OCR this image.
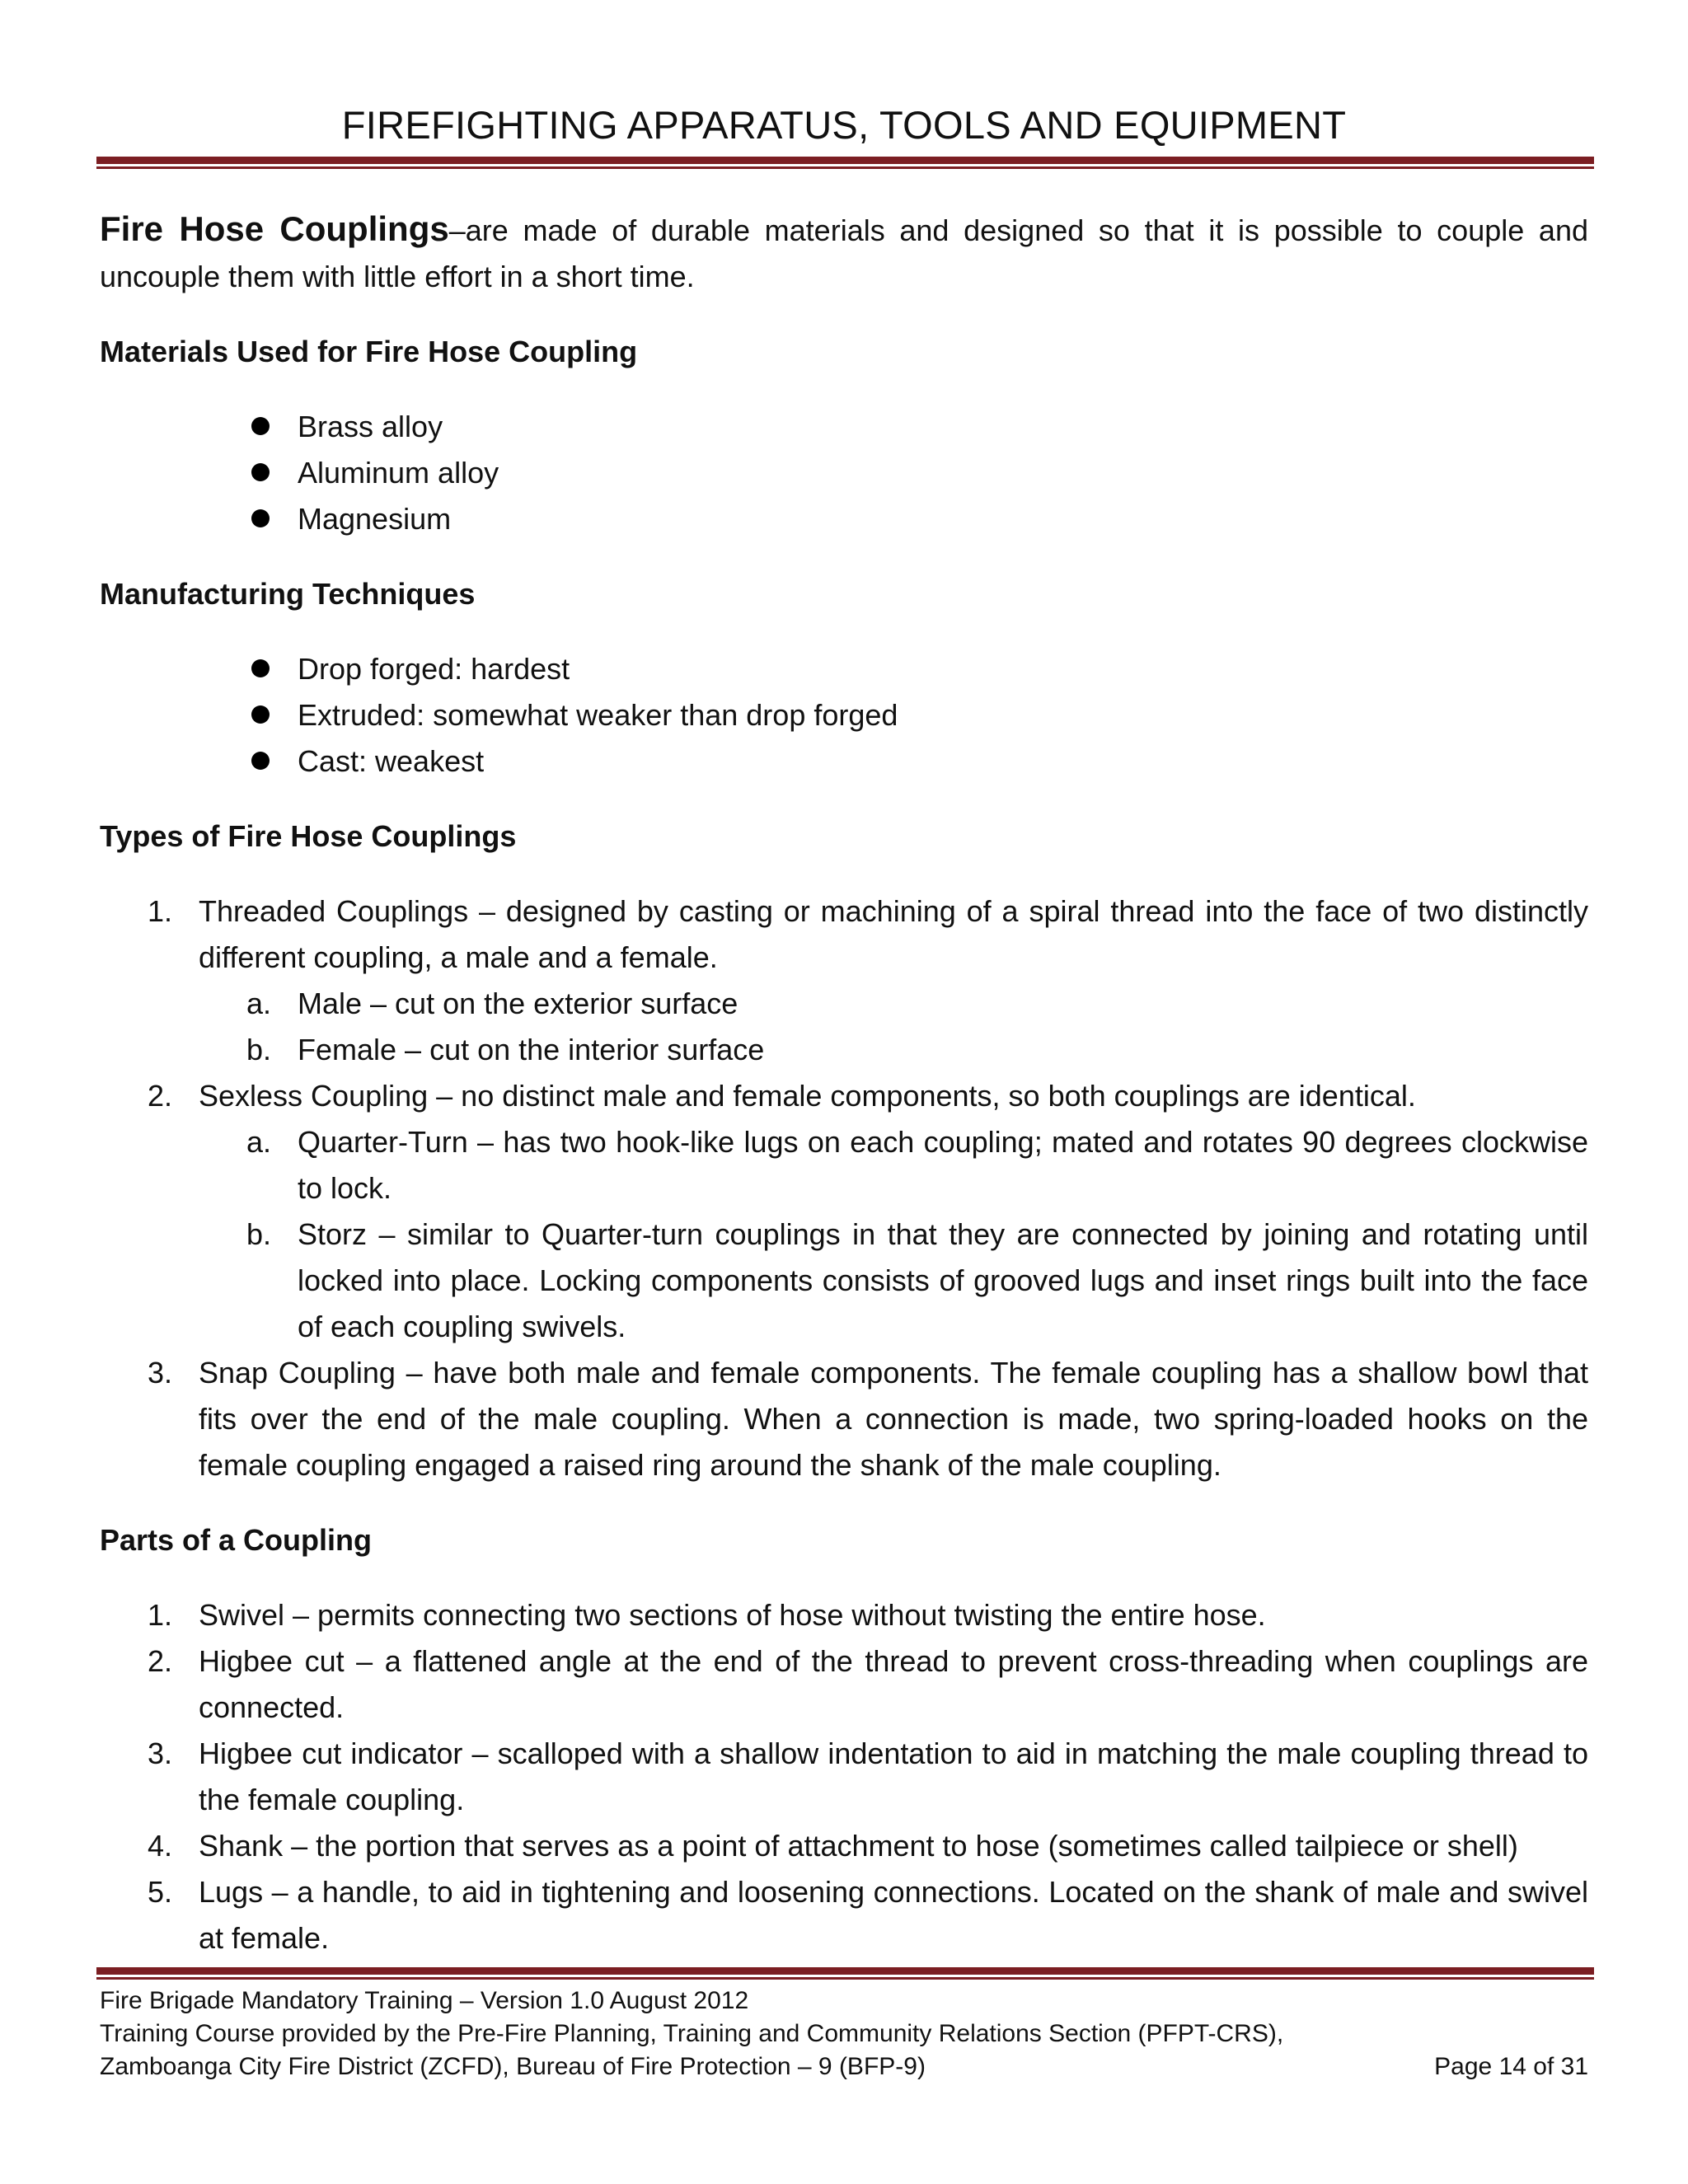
FIREFIGHTING APPARATUS, TOOLS AND EQUIPMENT
Fire Hose Couplings–are made of durable materials and designed so that it is possible to couple and uncouple them with little effort in a short time.
Materials Used for Fire Hose Coupling
Brass alloy
Aluminum alloy
Magnesium
Manufacturing Techniques
Drop forged: hardest
Extruded: somewhat weaker than drop forged
Cast: weakest
Types of Fire Hose Couplings
1. Threaded Couplings – designed by casting or machining of a spiral thread into the face of two distinctly different coupling, a male and a female.
a. Male – cut on the exterior surface
b. Female – cut on the interior surface
2. Sexless Coupling – no distinct male and female components, so both couplings are identical.
a. Quarter-Turn – has two hook-like lugs on each coupling; mated and rotates 90 degrees clockwise to lock.
b. Storz – similar to Quarter-turn couplings in that they are connected by joining and rotating until locked into place. Locking components consists of grooved lugs and inset rings built into the face of each coupling swivels.
3. Snap Coupling – have both male and female components. The female coupling has a shallow bowl that fits over the end of the male coupling. When a connection is made, two spring-loaded hooks on the female coupling engaged a raised ring around the shank of the male coupling.
Parts of a Coupling
1. Swivel – permits connecting two sections of hose without twisting the entire hose.
2. Higbee cut – a flattened angle at the end of the thread to prevent cross-threading when couplings are connected.
3. Higbee cut indicator – scalloped with a shallow indentation to aid in matching the male coupling thread to the female coupling.
4. Shank – the portion that serves as a point of attachment to hose (sometimes called tailpiece or shell)
5. Lugs – a handle, to aid in tightening and loosening connections. Located on the shank of male and swivel at female.
Fire Brigade Mandatory Training – Version 1.0 August 2012
Training Course provided by the Pre-Fire Planning, Training and Community Relations Section (PFPT-CRS),
Zamboanga City Fire District (ZCFD), Bureau of Fire Protection – 9 (BFP-9)	Page 14 of 31
